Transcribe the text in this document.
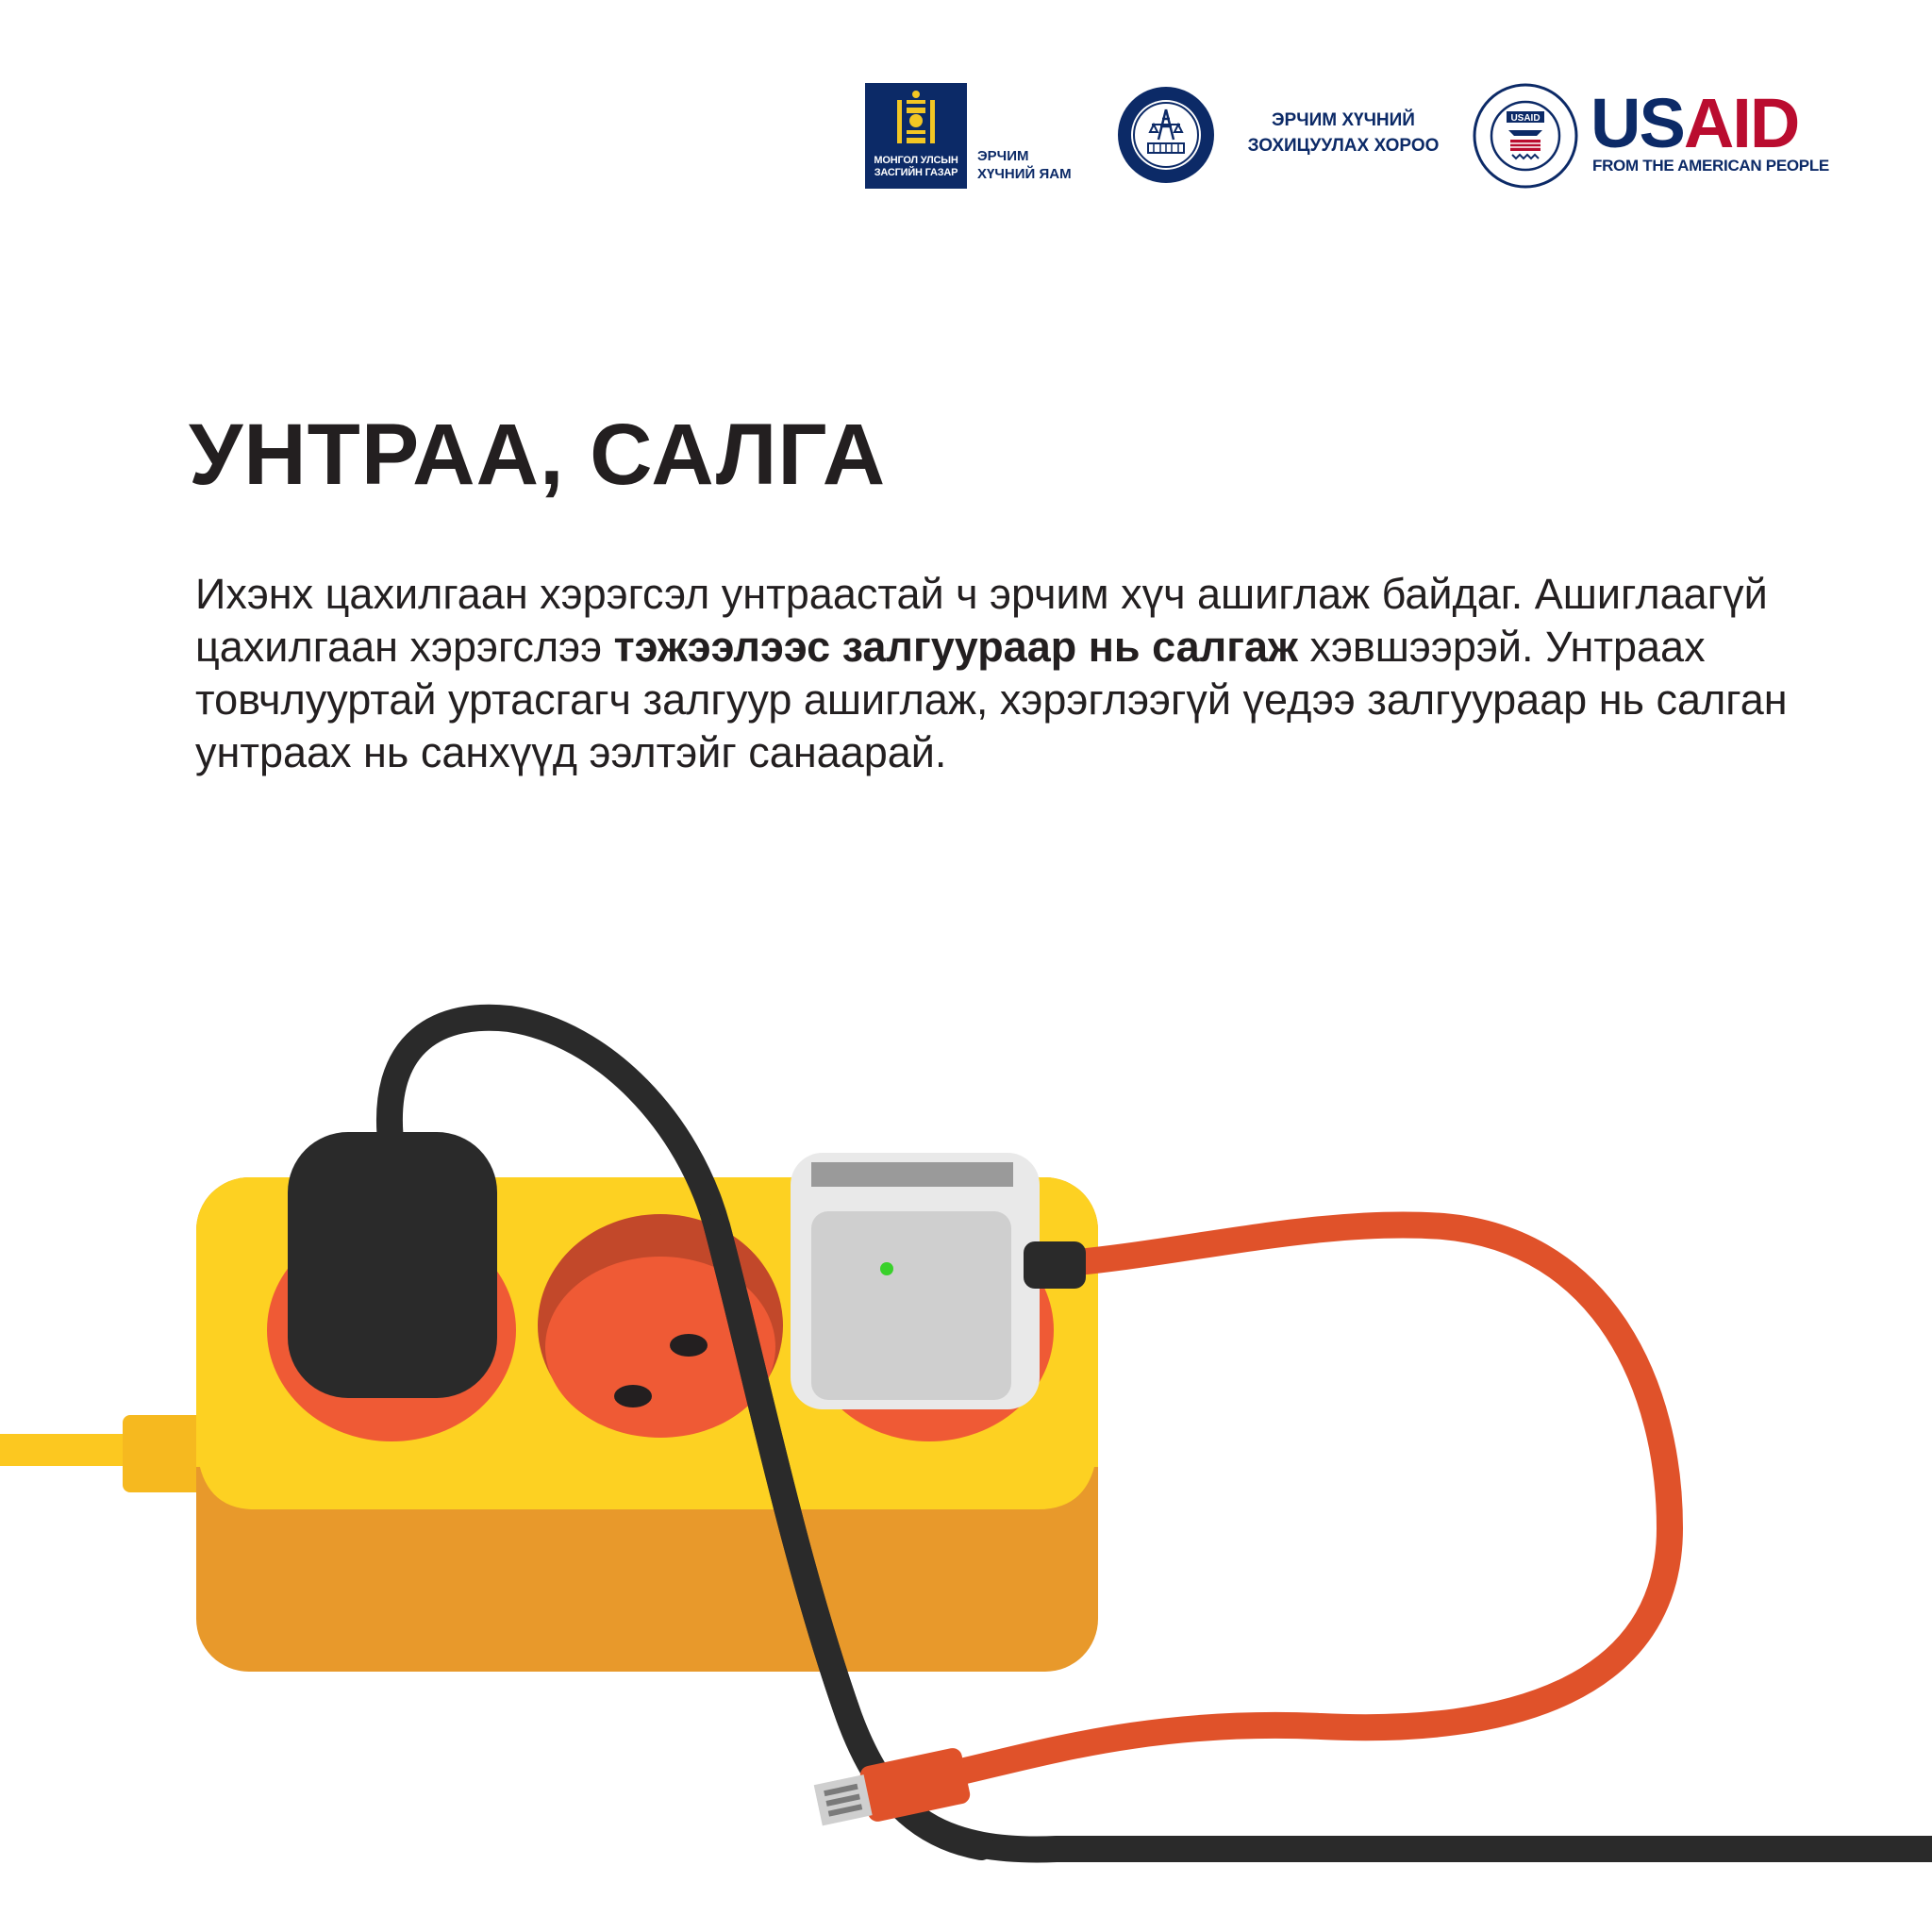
МОНГОЛ УЛСЫН ЗАСГИЙН ГАЗАР
ЭРЧИМ
ХҮЧНИЙ ЯАМ
ЭРЧИМ ХҮЧНИЙ
ЗОХИЦУУЛАХ ХОРОО
USAID USAID
FROM THE AMERICAN PEOPLE
УНТРАА, САЛГА

Ихэнх цахилгаан хэрэгсэл унтраастай ч эрчим хүч ашиглаж байдаг. Ашиглаагүй цахилгаан хэрэгслээ тэжээлээс залгуураар нь салгаж хэвшээрэй. Унтраах товчлууртай уртасгагч залгуур ашиглаж, хэрэглээгүй үедээ залгуураар нь салган унтраах нь санхүүд ээлтэйг санаарай.
